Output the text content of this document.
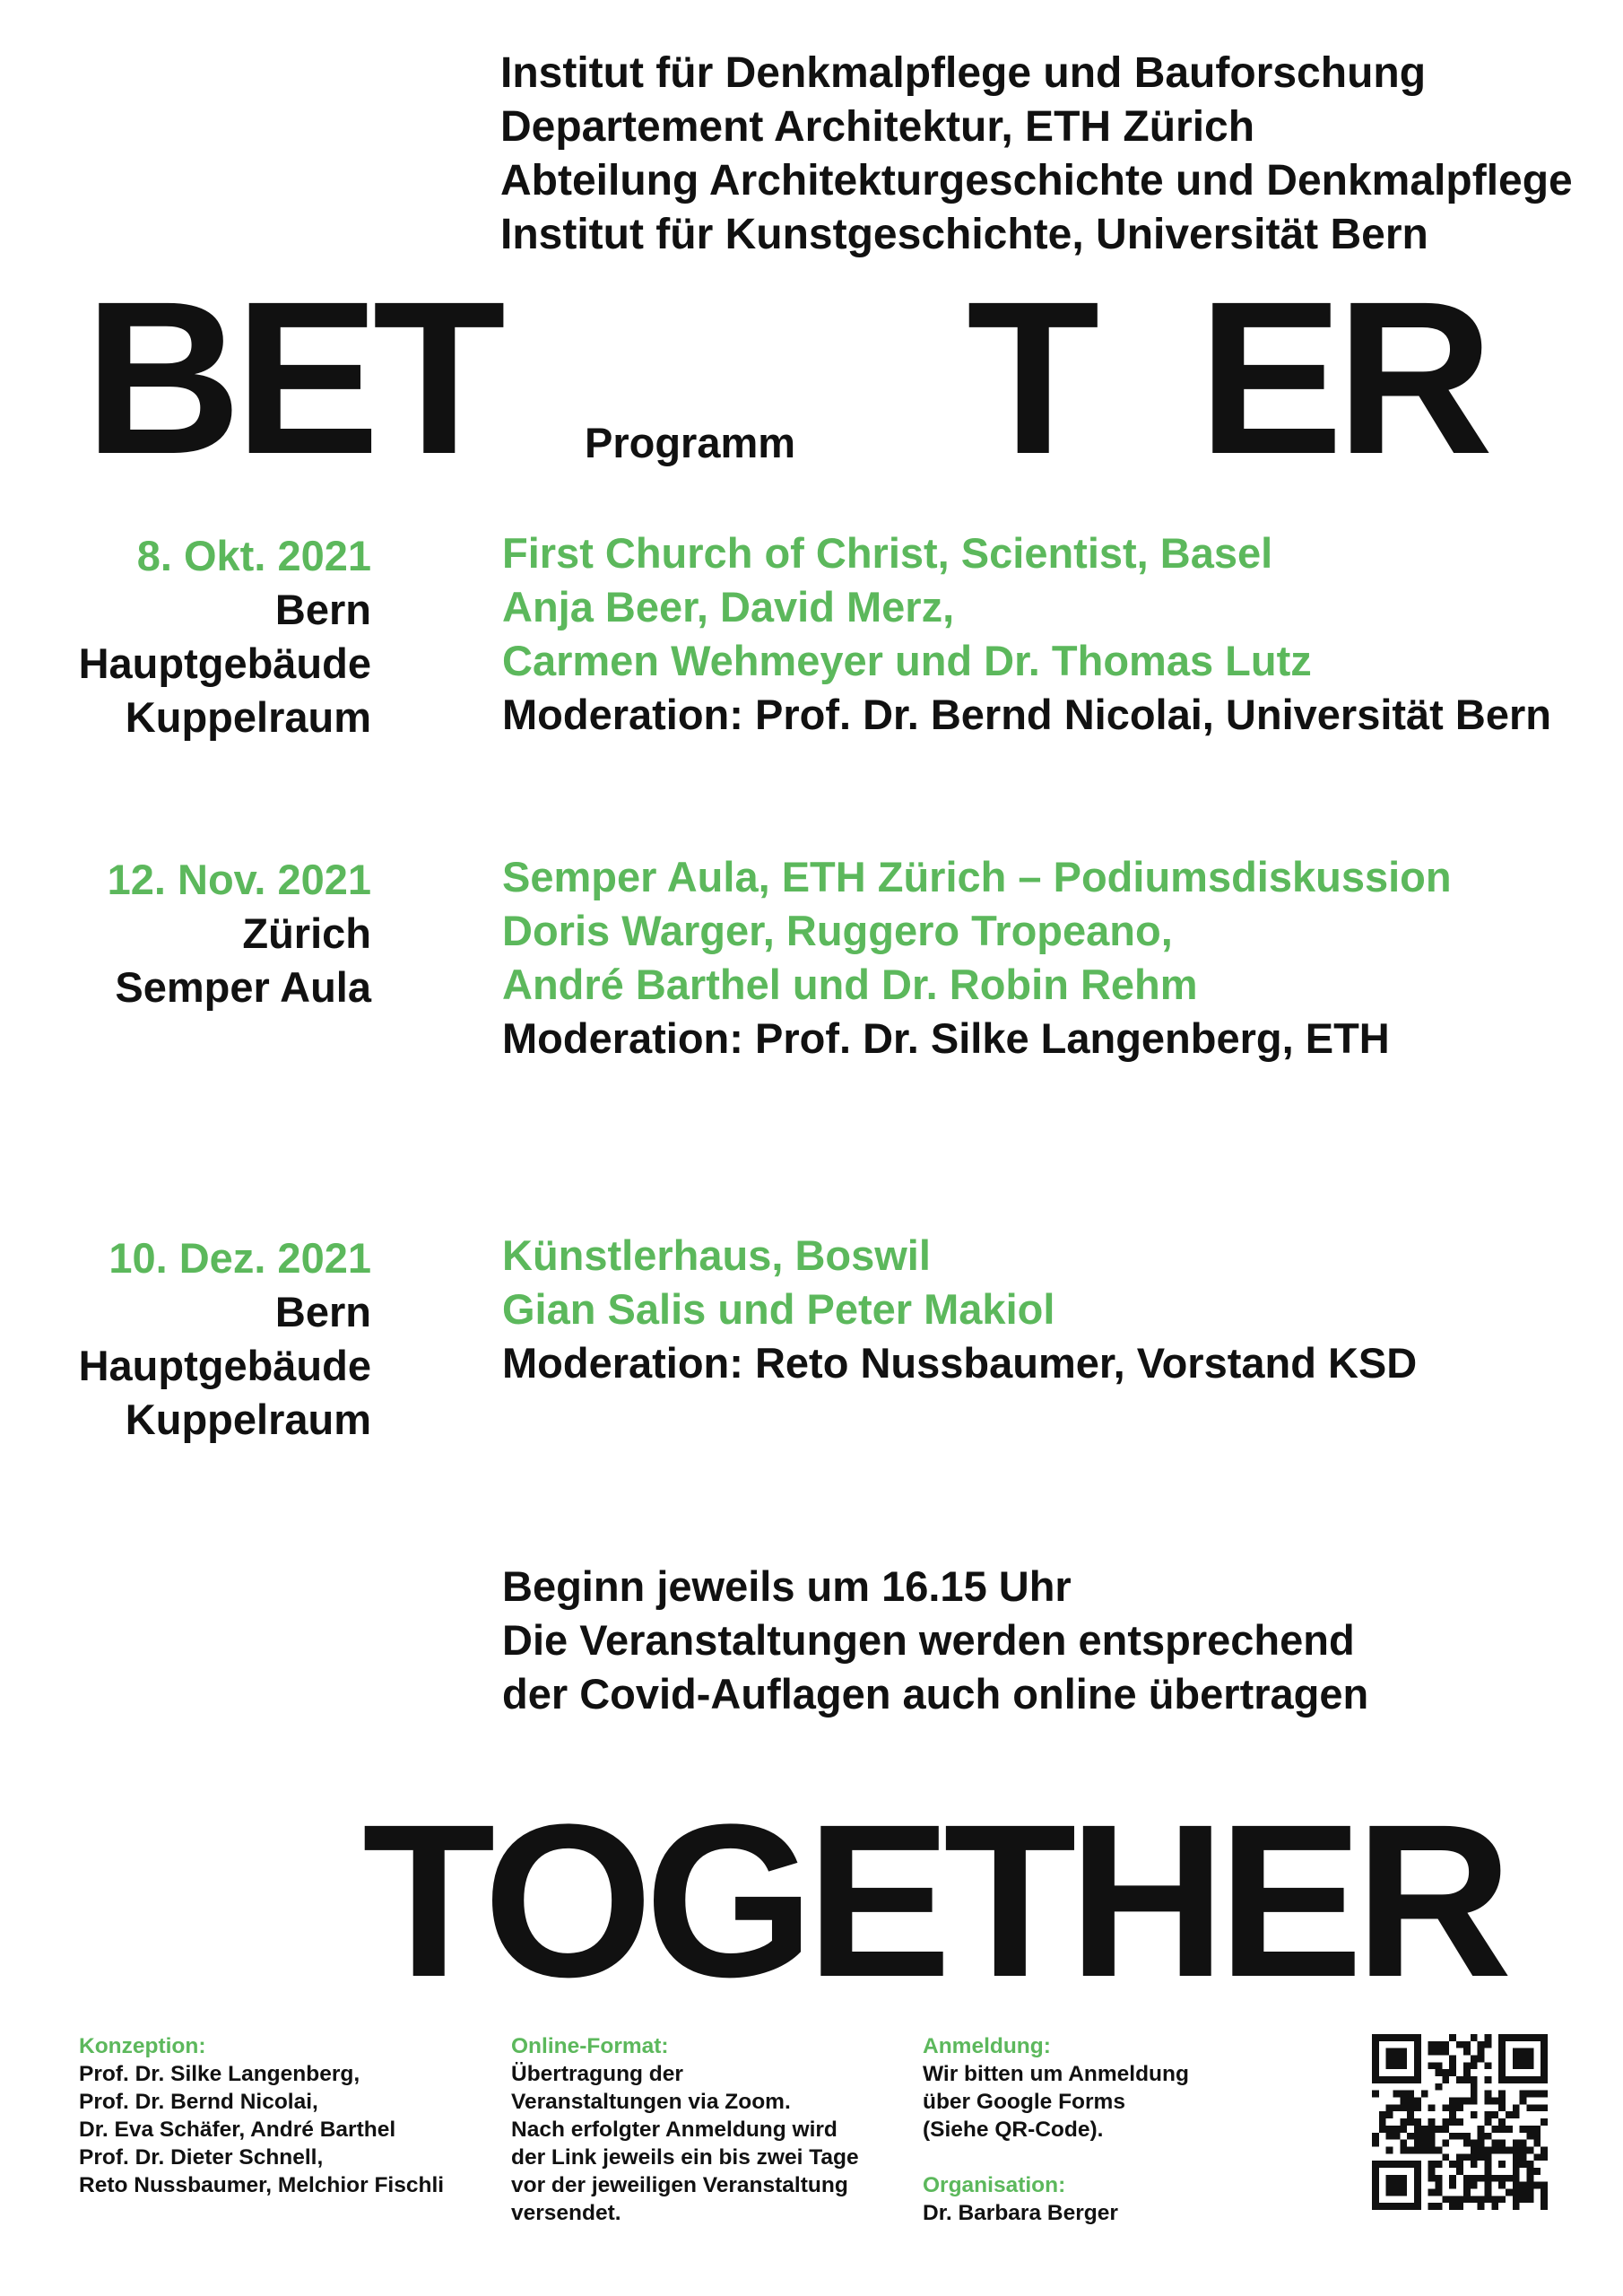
Institut für Denkmalpflege und Bauforschung
Departement Architektur, ETH Zürich
Abteilung Architekturgeschichte und Denkmalpflege
Institut für Kunstgeschichte, Universität Bern
BET Programm T ER
8. Okt. 2021
Bern
Hauptgebäude
Kuppelraum
First Church of Christ, Scientist, Basel
Anja Beer, David Merz,
Carmen Wehmeyer und Dr. Thomas Lutz
Moderation: Prof. Dr. Bernd Nicolai, Universität Bern
12. Nov. 2021
Zürich
Semper Aula
Semper Aula, ETH Zürich – Podiumsdiskussion
Doris Warger, Ruggero Tropeano,
André Barthel und Dr. Robin Rehm
Moderation: Prof. Dr. Silke Langenberg, ETH
10. Dez. 2021
Bern
Hauptgebäude
Kuppelraum
Künstlerhaus, Boswil
Gian Salis und Peter Makiol
Moderation: Reto Nussbaumer, Vorstand KSD
Beginn jeweils um 16.15 Uhr
Die Veranstaltungen werden entsprechend
der Covid-Auflagen auch online übertragen
TOGETHER
Konzeption:
Prof. Dr. Silke Langenberg,
Prof. Dr. Bernd Nicolai,
Dr. Eva Schäfer, André Barthel
Prof. Dr. Dieter Schnell,
Reto Nussbaumer, Melchior Fischli
Online-Format:
Übertragung der
Veranstaltungen via Zoom.
Nach erfolgter Anmeldung wird
der Link jeweils ein bis zwei Tage
vor der jeweiligen Veranstaltung
versendet.
Anmeldung:
Wir bitten um Anmeldung
über Google Forms
(Siehe QR-Code).
Organisation:
Dr. Barbara Berger
